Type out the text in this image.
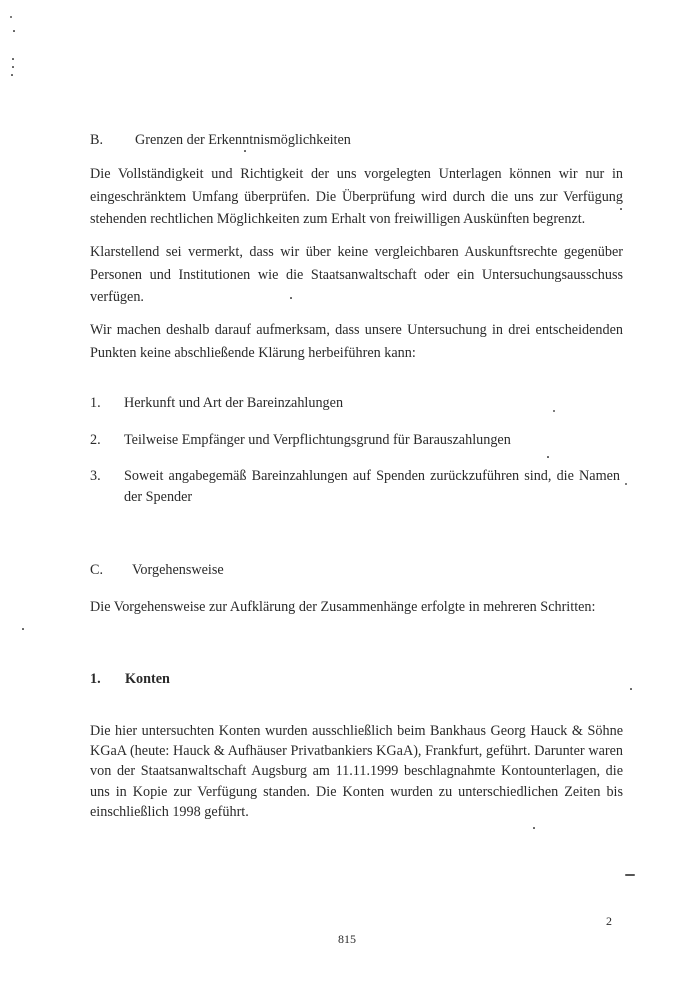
B. Grenzen der Erkenntnismöglichkeiten
Die Vollständigkeit und Richtigkeit der uns vorgelegten Unterlagen können wir nur in
eingeschränktem Umfang überprüfen. Die Überprüfung wird durch die uns zur Verfügung
stehenden rechtlichen Möglichkeiten zum Erhalt von freiwilligen Auskünften begrenzt.
Klarstellend sei vermerkt, dass wir über keine vergleichbaren Auskunftsrechte gegenüber
Personen und Institutionen wie die Staatsanwaltschaft oder ein Untersuchungsausschuss
verfügen.
Wir machen deshalb darauf aufmerksam, dass unsere Untersuchung in drei entscheidenden
Punkten keine abschließende Klärung herbeiführen kann:
1. Herkunft und Art der Bareinzahlungen
2. Teilweise Empfänger und Verpflichtungsgrund für Barauszahlungen
3. Soweit angabegemäß Bareinzahlungen auf Spenden zurückzuführen sind, die Namen
der Spender
C. Vorgehensweise
Die Vorgehensweise zur Aufklärung der Zusammenhänge erfolgte in mehreren Schritten:
1. Konten
Die hier untersuchten Konten wurden ausschließlich beim Bankhaus Georg Hauck & Söhne
KGaA (heute: Hauck & Aufhäuser Privatbankiers KGaA), Frankfurt, geführt. Darunter waren
von der Staatsanwaltschaft Augsburg am 11.11.1999 beschlagnahmte Kontounterlagen, die
uns in Kopie zur Verfügung standen. Die Konten wurden zu unterschiedlichen Zeiten bis
einschließlich 1998 geführt.
2
815
